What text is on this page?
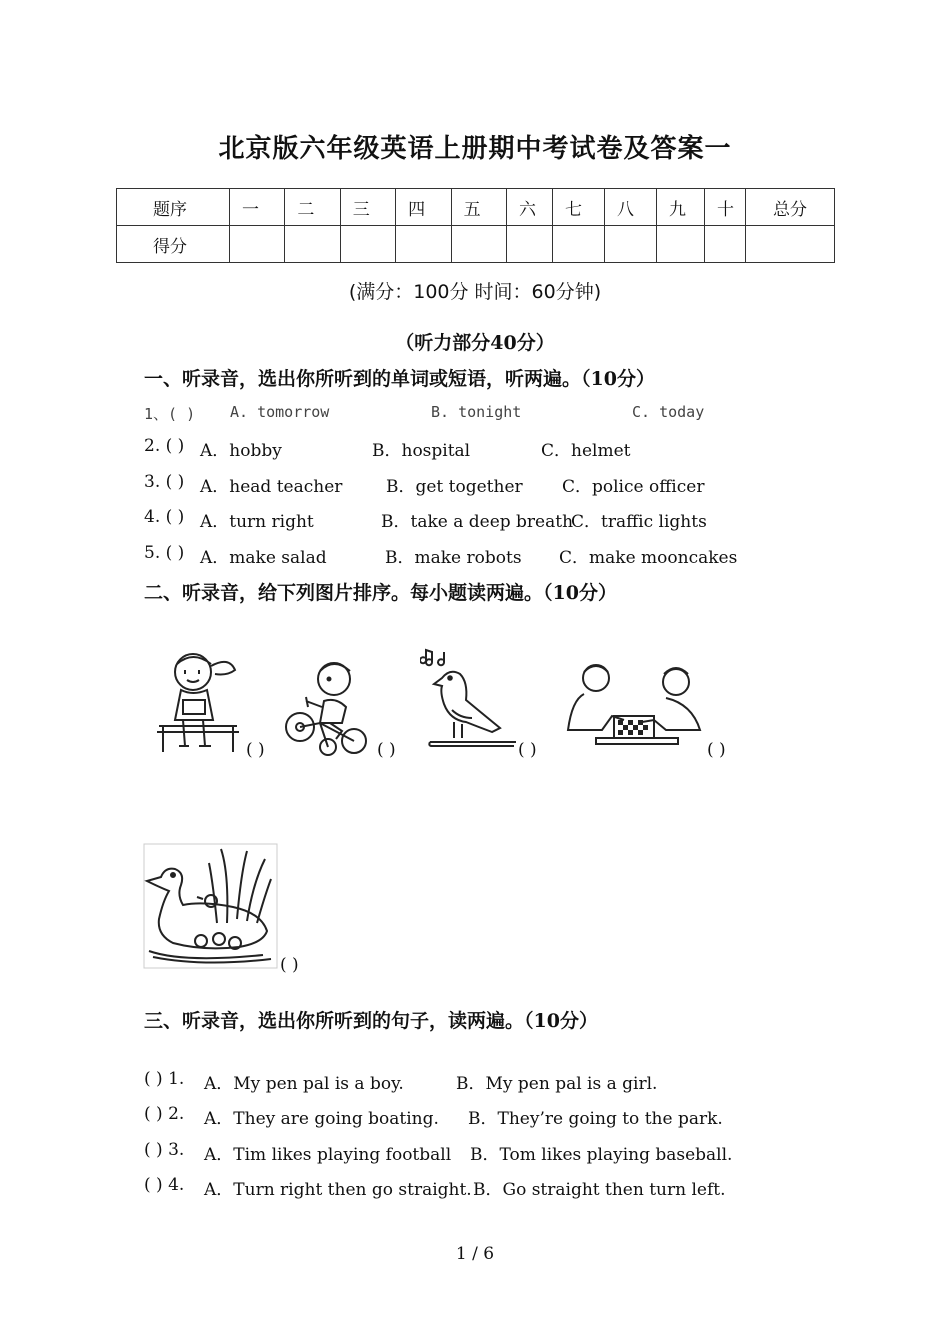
北京版六年级英语上册期中考试卷及答案一
题序	一	二	三	四	五	六	七	八	九	十	总分
得分											
(满分：100分 时间：60分钟)
（听力部分40分）
一、听录音，选出你所听到的单词或短语，听两遍。（10分）
1、( ) A. tomorrow	B. tonight	C. today
2. ( ) A．hobby	B．hospital	C．helmet
3. ( ) A．head teacher	B．get together C．police officer
4. ( ) A．turn right	B．take a deep breath
C．traffic lights
5. ( ) A．make salad	B．make robots C．make mooncakes
二、听录音，给下列图片排序。每小题读两遍。（10分）
( )	( )	( )	( )
( )
三、听录音，选出你所听到的句子，读两遍。（10分）
( ) 1. A．My pen pal is a boy.	B．My pen pal is a girl.
( ) 2. A．They are going boating. B．They’re going to the park.
( ) 3. A．Tim likes playing football B．Tom likes playing baseball.
( ) 4. A．Turn right then go straight. B．Go straight then turn left.
1 / 6
